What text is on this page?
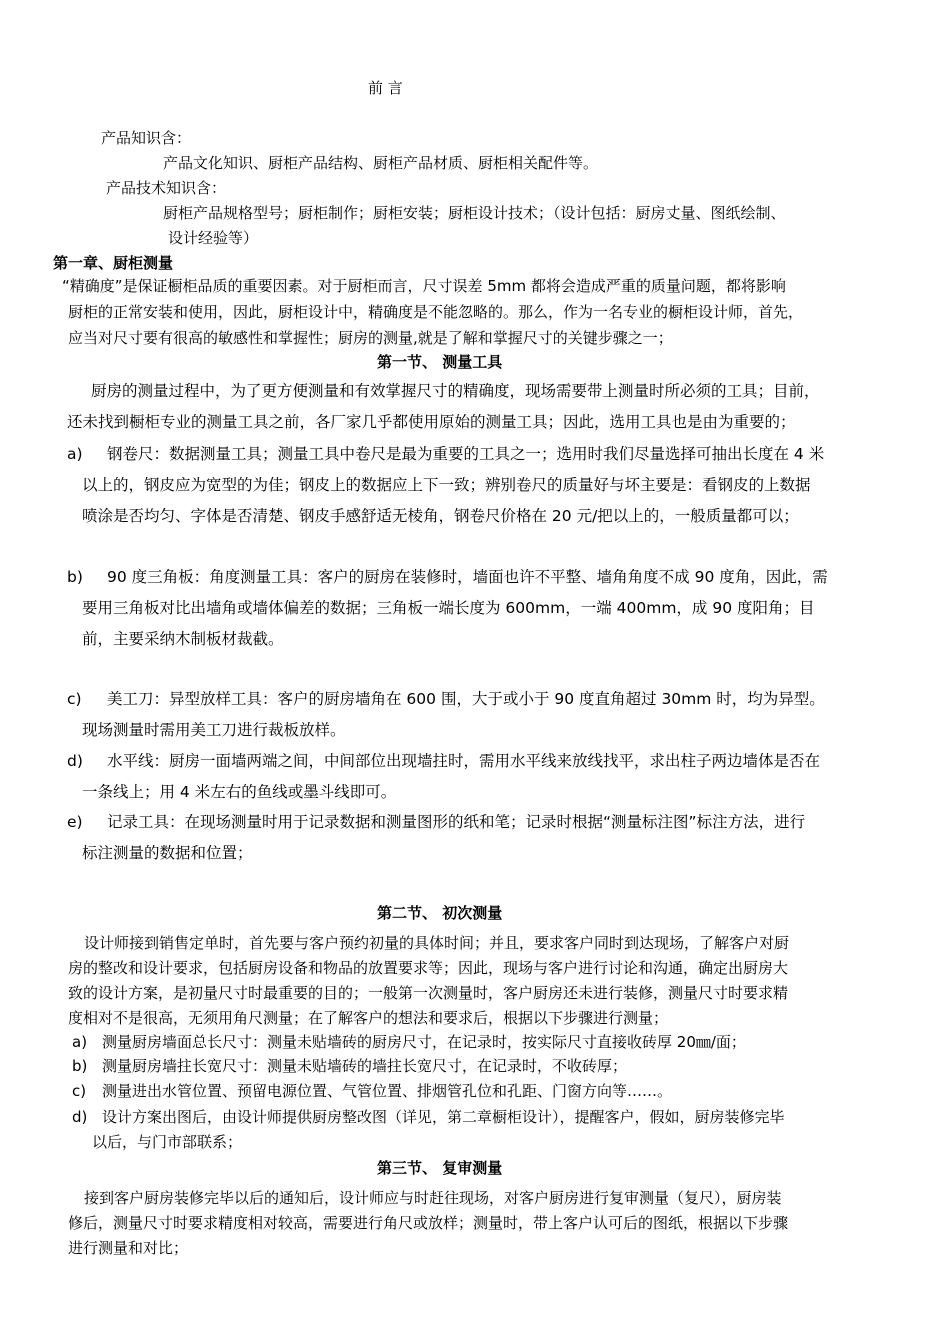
前 言
产品知识含：
产品文化知识、厨柜产品结构、厨柜产品材质、厨柜相关配件等。
产品技术知识含：
厨柜产品规格型号；厨柜制作；厨柜安装；厨柜设计技术；（设计包括：厨房丈量、图纸绘制、
设计经验等）
第一章、厨柜测量
“精确度”是保证橱柜品质的重要因素。对于厨柜而言，尺寸误差 5mm 都将会造成严重的质量问题，都将影响
厨柜的正常安装和使用，因此，厨柜设计中，精确度是不能忽略的。那么，作为一名专业的橱柜设计师，首先，
应当对尺寸要有很高的敏感性和掌握性；厨房的测量,就是了解和掌握尺寸的关键步骤之一；
第一节、 测量工具
厨房的测量过程中，为了更方便测量和有效掌握尺寸的精确度，现场需要带上测量时所必须的工具；目前，
还未找到橱柜专业的测量工具之前，各厂家几乎都使用原始的测量工具；因此，选用工具也是由为重要的；
a) 钢卷尺：数据测量工具；测量工具中卷尺是最为重要的工具之一；选用时我们尽量选择可抽出长度在 4 米
以上的，钢皮应为宽型的为佳；钢皮上的数据应上下一致；辨别卷尺的质量好与坏主要是：看钢皮的上数据
喷涂是否均匀、字体是否清楚、钢皮手感舒适无棱角，钢卷尺价格在 20 元/把以上的，一般质量都可以；
b) 90 度三角板：角度测量工具：客户的厨房在装修时，墙面也许不平整、墙角角度不成 90 度角，因此，需
要用三角板对比出墙角或墙体偏差的数据；三角板一端长度为 600mm，一端 400mm，成 90 度阳角；目
前，主要采纳木制板材裁截。
c) 美工刀：异型放样工具：客户的厨房墙角在 600 围，大于或小于 90 度直角超过 30mm 时，均为异型。
现场测量时需用美工刀进行裁板放样。
d) 水平线：厨房一面墙两端之间，中间部位出现墙拄时，需用水平线来放线找平，求出柱子两边墙体是否在
一条线上；用 4 米左右的鱼线或墨斗线即可。
e) 记录工具：在现场测量时用于记录数据和测量图形的纸和笔；记录时根据“测量标注图”标注方法，进行
标注测量的数据和位置；
第二节、 初次测量
设计师接到销售定单时，首先要与客户预约初量的具体时间；并且，要求客户同时到达现场，了解客户对厨
房的整改和设计要求，包括厨房设备和物品的放置要求等；因此，现场与客户进行讨论和沟通，确定出厨房大
致的设计方案，是初量尺寸时最重要的目的；一般第一次测量时，客户厨房还未进行装修，测量尺寸时要求精
度相对不是很高，无须用角尺测量；在了解客户的想法和要求后，根据以下步骤进行测量；
a) 测量厨房墙面总长尺寸：测量未贴墙砖的厨房尺寸，在记录时，按实际尺寸直接收砖厚 20㎜/面；
b) 测量厨房墙拄长宽尺寸：测量未贴墙砖的墙拄长宽尺寸，在记录时，不收砖厚；
c) 测量进出水管位置、预留电源位置、气管位置、排烟管孔位和孔距、门窗方向等……。
d) 设计方案出图后，由设计师提供厨房整改图（详见，第二章橱柜设计），提醒客户，假如，厨房装修完毕
以后，与门市部联系；
第三节、 复审测量
接到客户厨房装修完毕以后的通知后，设计师应与时赶往现场，对客户厨房进行复审测量（复尺），厨房装
修后，测量尺寸时要求精度相对较高，需要进行角尺或放样；测量时，带上客户认可后的图纸，根据以下步骤
进行测量和对比；
